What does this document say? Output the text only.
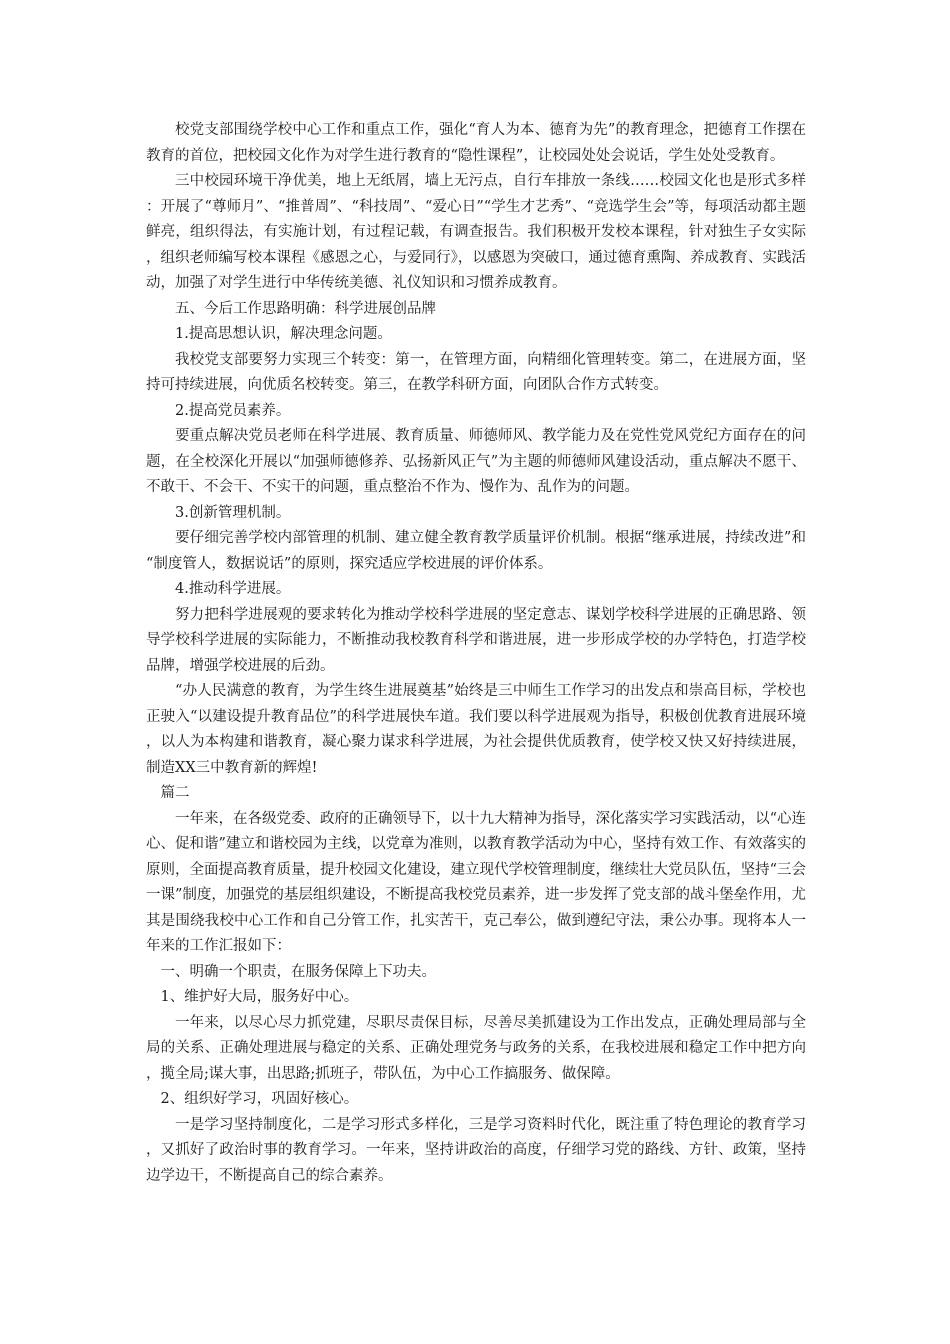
校党支部围绕学校中心工作和重点工作，强化“育人为本、德育为先”的教育理念，把德育工作摆在教育的首位，把校园文化作为对学生进行教育的“隐性课程”，让校园处处会说话，学生处处受教育。

三中校园环境干净优美，地上无纸屑，墙上无污点，自行车排放一条线……校园文化也是形式多样：开展了“尊师月”、“推普周”、“科技周”、“爱心日”“学生才艺秀”、“竞选学生会”等，每项活动都主题鲜亮，组织得法，有实施计划，有过程记载，有调查报告。我们积极开发校本课程，针对独生子女实际，组织老师编写校本课程《感恩之心，与爱同行》，以感恩为突破口，通过德育熏陶、养成教育、实践活动，加强了对学生进行中华传统美德、礼仪知识和习惯养成教育。

五、今后工作思路明确：科学进展创品牌

1.提高思想认识，解决理念问题。

我校党支部要努力实现三个转变：第一，在管理方面，向精细化管理转变。第二，在进展方面，坚持可持续进展，向优质名校转变。第三，在教学科研方面，向团队合作方式转变。

2.提高党员素养。

要重点解决党员老师在科学进展、教育质量、师德师风、教学能力及在党性党风党纪方面存在的问题，在全校深化开展以“加强师德修养、弘扬新风正气”为主题的师德师风建设活动，重点解决不愿干、不敢干、不会干、不实干的问题，重点整治不作为、慢作为、乱作为的问题。

3.创新管理机制。

要仔细完善学校内部管理的机制、建立健全教育教学质量评价机制。根据“继承进展，持续改进”和“制度管人，数据说话”的原则，探究适应学校进展的评价体系。

4.推动科学进展。

努力把科学进展观的要求转化为推动学校科学进展的坚定意志、谋划学校科学进展的正确思路、领导学校科学进展的实际能力，不断推动我校教育科学和谐进展，进一步形成学校的办学特色，打造学校品牌，增强学校进展的后劲。

“办人民满意的教育，为学生终生进展奠基”始终是三中师生工作学习的出发点和崇高目标，学校也正驶入“以建设提升教育品位”的科学进展快车道。我们要以科学进展观为指导，积极创优教育进展环境，以人为本构建和谐教育，凝心聚力谋求科学进展，为社会提供优质教育，使学校又快又好持续进展，制造XX三中教育新的辉煌!

篇二

一年来，在各级党委、政府的正确领导下，以十九大精神为指导，深化落实学习实践活动，以“心连心、促和谐”建立和谐校园为主线，以党章为准则，以教育教学活动为中心，坚持有效工作、有效落实的原则，全面提高教育质量，提升校园文化建设，建立现代学校管理制度，继续壮大党员队伍，坚持“三会一课”制度，加强党的基层组织建设，不断提高我校党员素养，进一步发挥了党支部的战斗堡垒作用，尤其是围绕我校中心工作和自己分管工作，扎实苦干，克己奉公，做到遵纪守法，秉公办事。现将本人一年来的工作汇报如下：

一、明确一个职责，在服务保障上下功夫。

1、维护好大局，服务好中心。

一年来，以尽心尽力抓党建，尽职尽责保目标，尽善尽美抓建设为工作出发点，正确处理局部与全局的关系、正确处理进展与稳定的关系、正确处理党务与政务的关系，在我校进展和稳定工作中把方向，揽全局;谋大事，出思路;抓班子，带队伍，为中心工作搞服务、做保障。

2、组织好学习，巩固好核心。

一是学习坚持制度化，二是学习形式多样化，三是学习资料时代化，既注重了特色理论的教育学习，又抓好了政治时事的教育学习。一年来，坚持讲政治的高度，仔细学习党的路线、方针、政策，坚持边学边干，不断提高自己的综合素养。
